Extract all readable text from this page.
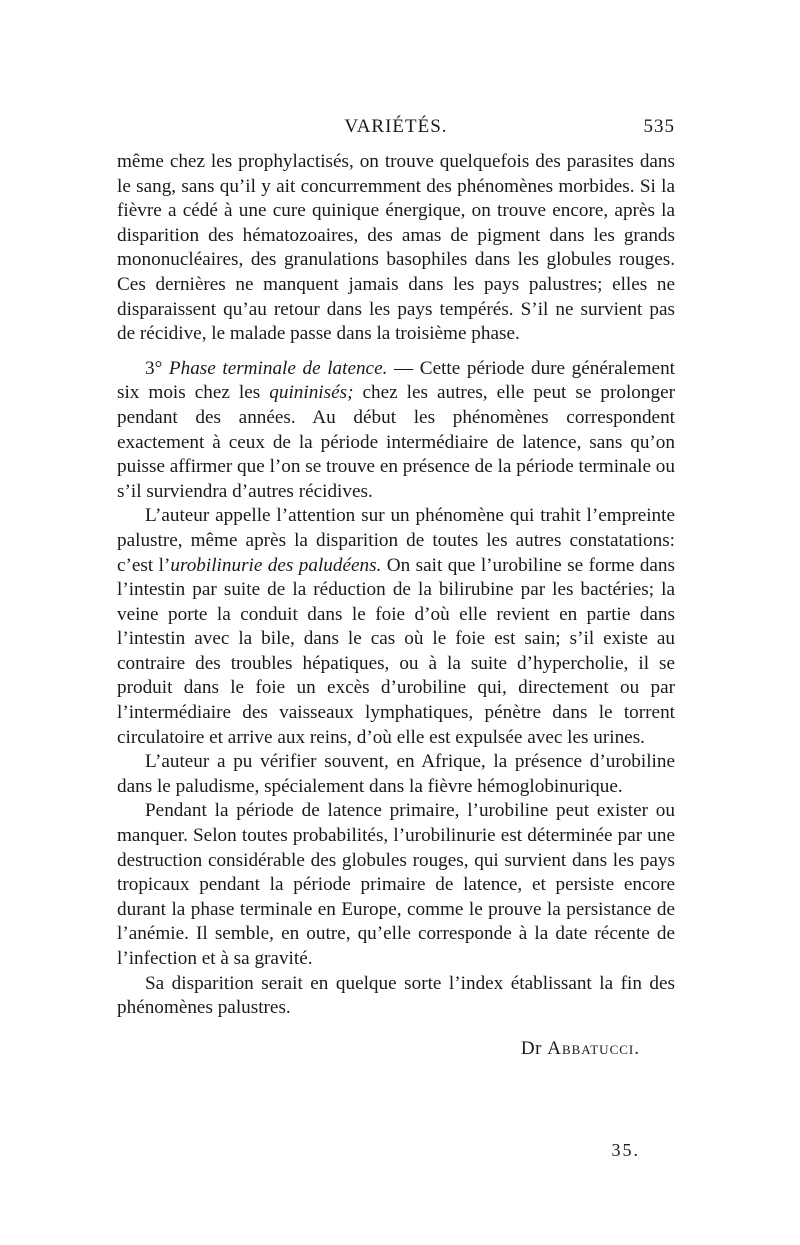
VARIÉTÉS.	535

même chez les prophylactisés, on trouve quelquefois des parasites dans le sang, sans qu’il y ait concurremment des phénomènes morbides. Si la fièvre a cédé à une cure quinique énergique, on trouve encore, après la disparition des hématozoaires, des amas de pigment dans les grands mononucléaires, des granulations basophiles dans les globules rouges. Ces dernières ne manquent jamais dans les pays palustres; elles ne disparaissent qu’au retour dans les pays tempérés. S’il ne survient pas de récidive, le malade passe dans la troisième phase.

3° Phase terminale de latence. — Cette période dure généralement six mois chez les quininisés; chez les autres, elle peut se prolonger pendant des années. Au début les phénomènes correspondent exactement à ceux de la période intermédiaire de latence, sans qu’on puisse affirmer que l’on se trouve en présence de la période terminale ou s’il surviendra d’autres récidives.

L’auteur appelle l’attention sur un phénomène qui trahit l’empreinte palustre, même après la disparition de toutes les autres constatations: c’est l’urobilinurie des paludéens. On sait que l’urobiline se forme dans l’intestin par suite de la réduction de la bilirubine par les bactéries; la veine porte la conduit dans le foie d’où elle revient en partie dans l’intestin avec la bile, dans le cas où le foie est sain; s’il existe au contraire des troubles hépatiques, ou à la suite d’hypercholie, il se produit dans le foie un excès d’urobiline qui, directement ou par l’intermédiaire des vaisseaux lymphatiques, pénètre dans le torrent circulatoire et arrive aux reins, d’où elle est expulsée avec les urines.

L’auteur a pu vérifier souvent, en Afrique, la présence d’urobiline dans le paludisme, spécialement dans la fièvre hémoglobinurique.

Pendant la période de latence primaire, l’urobiline peut exister ou manquer. Selon toutes probabilités, l’urobilinurie est déterminée par une destruction considérable des globules rouges, qui survient dans les pays tropicaux pendant la période primaire de latence, et persiste encore durant la phase terminale en Europe, comme le prouve la persistance de l’anémie. Il semble, en outre, qu’elle corresponde à la date récente de l’infection et à sa gravité.

Sa disparition serait en quelque sorte l’index établissant la fin des phénomènes palustres.

Dr Abbatucci.
35.
